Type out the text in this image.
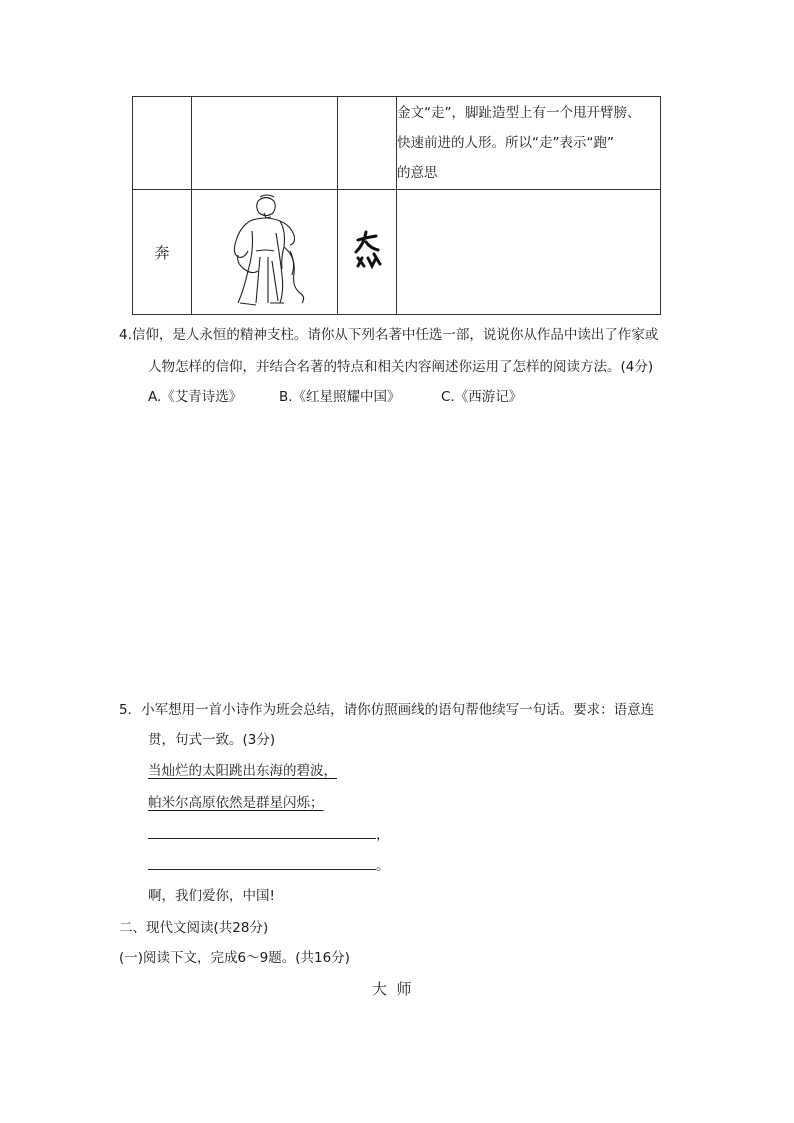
			金文“走”，脚趾造型上有一个甩开臂膀、
快速前进的人形。所以“走”表示“跑”
的意思

奔			
4.信仰，是人永恒的精神支柱。请你从下列名著中任选一部，说说你从作品中读出了作家或
人物怎样的信仰，并结合名著的特点和相关内容阐述你运用了怎样的阅读方法。(4分)
A.《艾青诗选》	B.《红星照耀中国》	C.《西游记》
5．小军想用一首小诗作为班会总结，请你仿照画线的语句帮他续写一句话。要求：语意连
贯，句式一致。(3分)
当灿烂的太阳跳出东海的碧波，
帕米尔高原依然是群星闪烁；
，
。
啊，我们爱你，中国!
二、现代文阅读(共28分)
(一)阅读下文，完成6～9题。(共16分)
大  师
